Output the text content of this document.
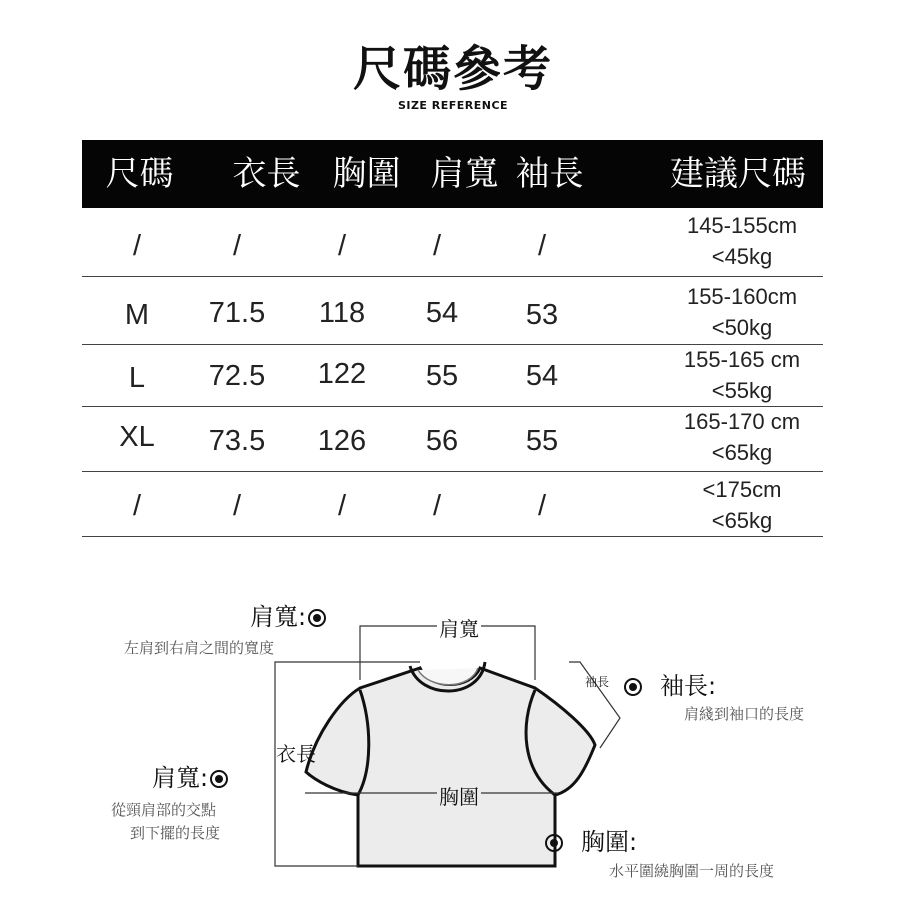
尺碼參考
SIZE REFERENCE
尺碼	衣長 胸圍 肩寬 袖長	建議尺碼
/	/	/	/	/
145-155cm
<45kg
M	71.5	118	54	53
155-160cm
<50kg
L	72.5	122	55	54
155-165 cm
<55kg
XL	73.5	126	56	55
165-170 cm
<65kg
/	/	/	/	/
<175cm
<65kg
肩寬
衣長
胸圍
袖長
肩寬:
左肩到右肩之間的寬度
肩寬:
從頸肩部的交點
到下擺的長度
袖長:
肩綫到袖口的長度
胸圍:
水平圍繞胸圍一周的長度
